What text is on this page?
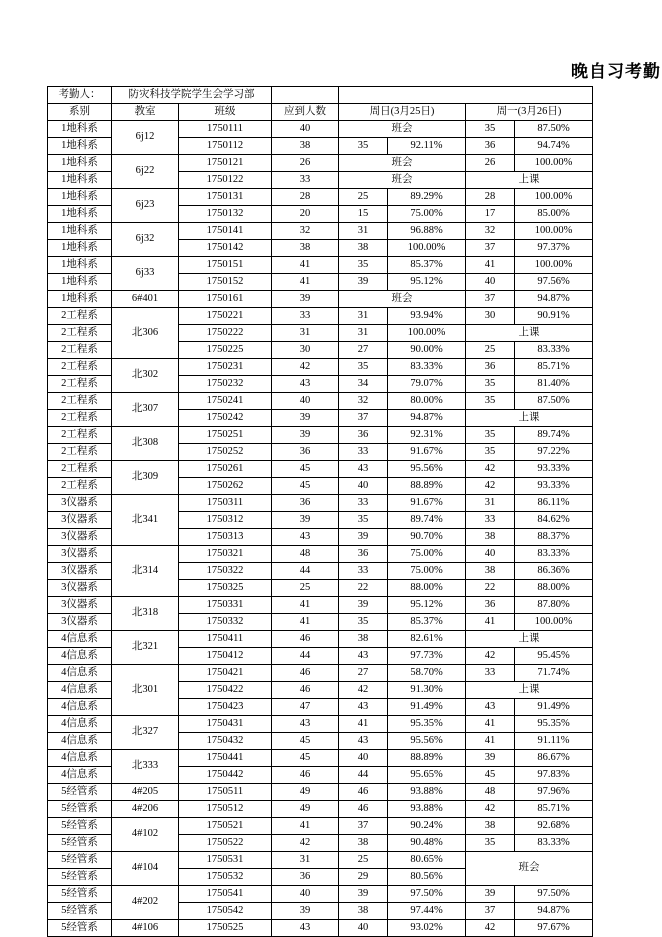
晚自习考勤
考勤人：	防灾科技学院学生会学习部						
系别	教室	班级	应到人数	周日(3月25日)		周一(3月26日)	
1地科系	6j12	1750111	40	班会		35	87.50%
1地科系		1750112	38	35	92.11%	36	94.74%
1地科系	6j22	1750121	26	班会		26	100.00%
1地科系		1750122	33	班会		上课	
1地科系	6j23	1750131	28	25	89.29%	28	100.00%
1地科系		1750132	20	15	75.00%	17	85.00%
1地科系	6j32	1750141	32	31	96.88%	32	100.00%
1地科系		1750142	38	38	100.00%	37	97.37%
1地科系	6j33	1750151	41	35	85.37%	41	100.00%
1地科系		1750152	41	39	95.12%	40	97.56%
1地科系	6#401	1750161	39	班会		37	94.87%
2工程系	北306	1750221	33	31	93.94%	30	90.91%
2工程系		1750222	31	31	100.00%	上课	
2工程系		1750225	30	27	90.00%	25	83.33%
2工程系	北302	1750231	42	35	83.33%	36	85.71%
2工程系		1750232	43	34	79.07%	35	81.40%
2工程系	北307	1750241	40	32	80.00%	35	87.50%
2工程系		1750242	39	37	94.87%	上课	
2工程系	北308	1750251	39	36	92.31%	35	89.74%
2工程系		1750252	36	33	91.67%	35	97.22%
2工程系	北309	1750261	45	43	95.56%	42	93.33%
2工程系		1750262	45	40	88.89%	42	93.33%
3仪器系	北341	1750311	36	33	91.67%	31	86.11%
3仪器系		1750312	39	35	89.74%	33	84.62%
3仪器系		1750313	43	39	90.70%	38	88.37%
3仪器系	北314	1750321	48	36	75.00%	40	83.33%
3仪器系		1750322	44	33	75.00%	38	86.36%
3仪器系		1750325	25	22	88.00%	22	88.00%
3仪器系	北318	1750331	41	39	95.12%	36	87.80%
3仪器系		1750332	41	35	85.37%	41	100.00%
4信息系	北321	1750411	46	38	82.61%	上课	
4信息系		1750412	44	43	97.73%	42	95.45%
4信息系	北301	1750421	46	27	58.70%	33	71.74%
4信息系		1750422	46	42	91.30%	上课	
4信息系		1750423	47	43	91.49%	43	91.49%
4信息系	北327	1750431	43	41	95.35%	41	95.35%
4信息系		1750432	45	43	95.56%	41	91.11%
4信息系	北333	1750441	45	40	88.89%	39	86.67%
4信息系		1750442	46	44	95.65%	45	97.83%
5经管系	4#205	1750511	49	46	93.88%	48	97.96%
5经管系	4#206	1750512	49	46	93.88%	42	85.71%
5经管系	4#102	1750521	41	37	90.24%	38	92.68%
5经管系		1750522	42	38	90.48%	35	83.33%
5经管系	4#104	1750531	31	25	80.65%	班会	
5经管系		1750532	36	29	80.56%		
5经管系	4#202	1750541	40	39	97.50%	39	97.50%
5经管系		1750542	39	38	97.44%	37	94.87%
5经管系	4#106	1750525	43	40	93.02%	42	97.67%
